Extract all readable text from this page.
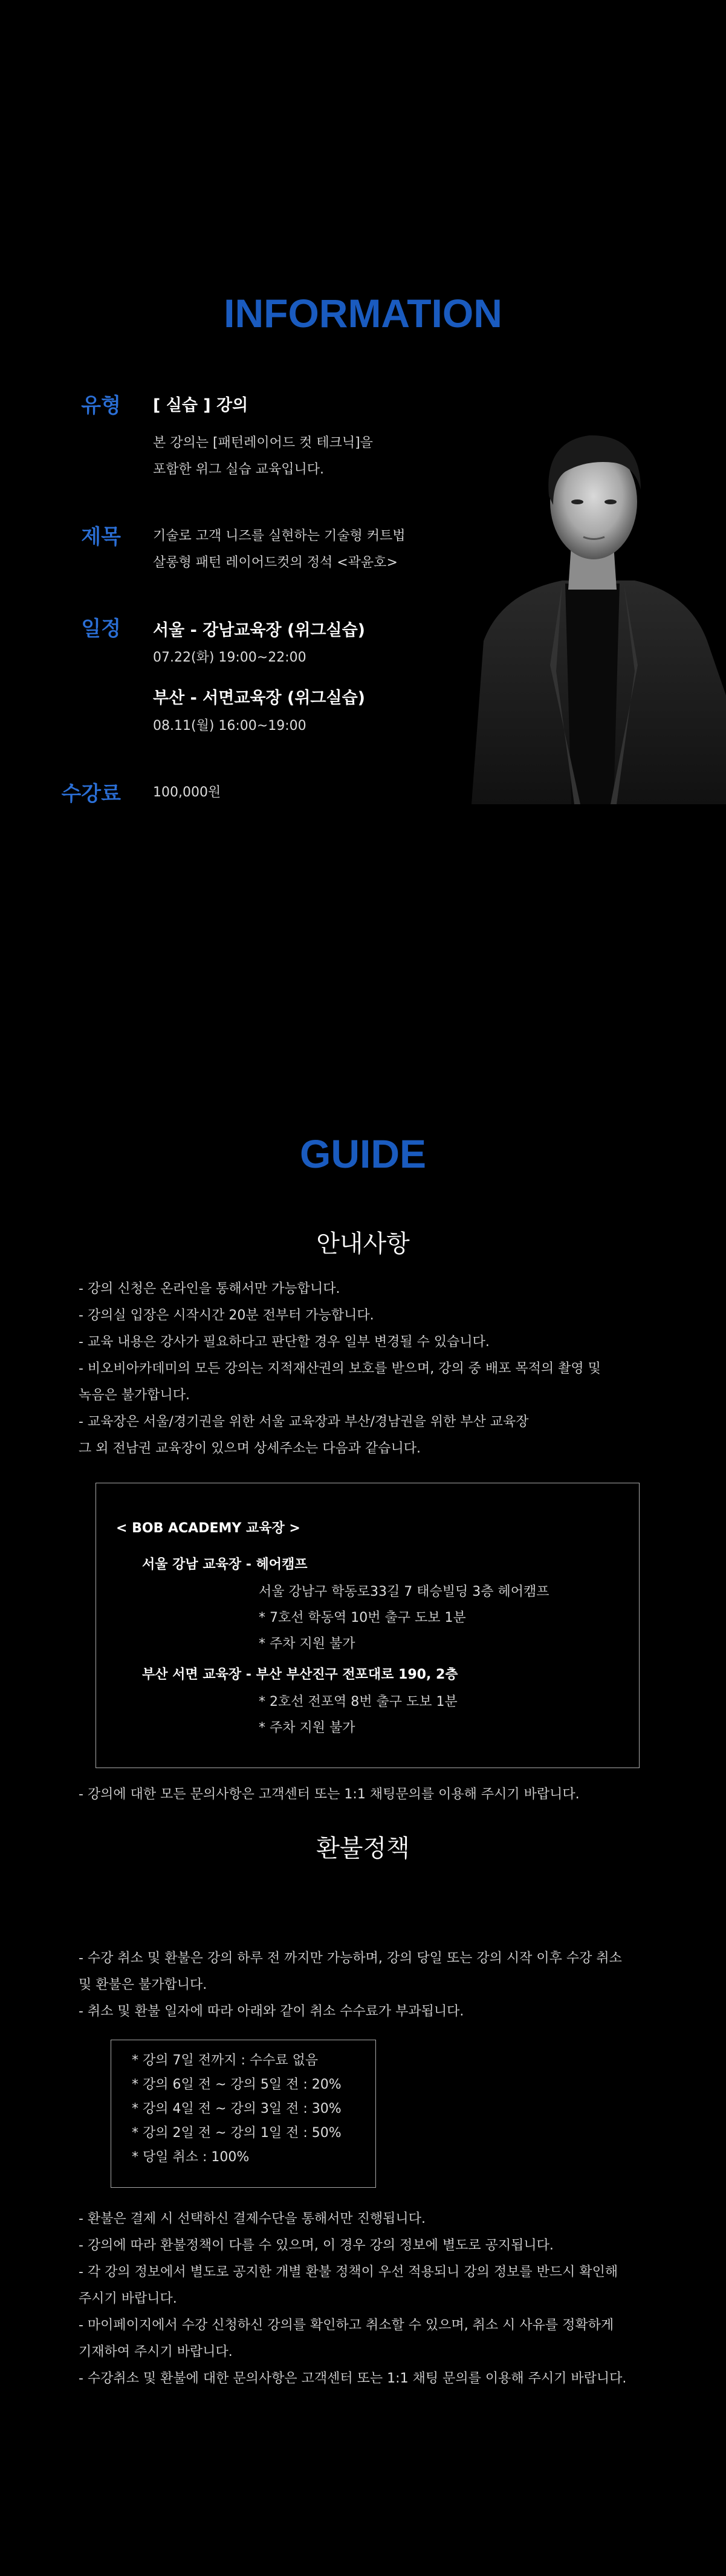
INFORMATION
유형 [ 실습 ] 강의
본 강의는 [패턴레이어드 컷 테크닉]을
포함한 위그 실습 교육입니다.
제목 기술로 고객 니즈를 실현하는 기술형 커트법
살롱형 패턴 레이어드컷의 정석 <곽윤호>
일정 서울 - 강남교육장 (위그실습)
07.22(화) 19:00~22:00
부산 - 서면교육장 (위그실습)
08.11(월) 16:00~19:00
수강료 100,000원
GUIDE
안내사항
- 강의 신청은 온라인을 통해서만 가능합니다.
- 강의실 입장은 시작시간 20분 전부터 가능합니다.
- 교육 내용은 강사가 필요하다고 판단할 경우 일부 변경될 수 있습니다.
- 비오비아카데미의 모든 강의는 지적재산권의 보호를 받으며, 강의 중 배포 목적의 촬영 및
녹음은 불가합니다.
- 교육장은 서울/경기권을 위한 서울 교육장과 부산/경남권을 위한 부산 교육장
그 외 전남권 교육장이 있으며 상세주소는 다음과 같습니다.
< BOB ACADEMY 교육장 >
서울 강남 교육장 - 헤어캠프
서울 강남구 학동로33길 7 태승빌딩 3층 헤어캠프
* 7호선 학동역 10번 출구 도보 1분
* 주차 지원 불가
부산 서면 교육장 - 부산 부산진구 전포대로 190, 2층
* 2호선 전포역 8번 출구 도보 1분
* 주차 지원 불가
- 강의에 대한 모든 문의사항은 고객센터 또는 1:1 채팅문의를 이용해 주시기 바랍니다.
환불정책
- 수강 취소 및 환불은 강의 하루 전 까지만 가능하며, 강의 당일 또는 강의 시작 이후 수강 취소
및 환불은 불가합니다.
- 취소 및 환불 일자에 따라 아래와 같이 취소 수수료가 부과됩니다.
* 강의 7일 전까지 : 수수료 없음
* 강의 6일 전 ~ 강의 5일 전 : 20%
* 강의 4일 전 ~ 강의 3일 전 : 30%
* 강의 2일 전 ~ 강의 1일 전 : 50%
* 당일 취소 : 100%
- 환불은 결제 시 선택하신 결제수단을 통해서만 진행됩니다.
- 강의에 따라 환불정책이 다를 수 있으며, 이 경우 강의 정보에 별도로 공지됩니다.
- 각 강의 정보에서 별도로 공지한 개별 환불 정책이 우선 적용되니 강의 정보를 반드시 확인해
주시기 바랍니다.
- 마이페이지에서 수강 신청하신 강의를 확인하고 취소할 수 있으며, 취소 시 사유를 정확하게
기재하여 주시기 바랍니다.
- 수강취소 및 환불에 대한 문의사항은 고객센터 또는 1:1 채팅 문의를 이용해 주시기 바랍니다.
